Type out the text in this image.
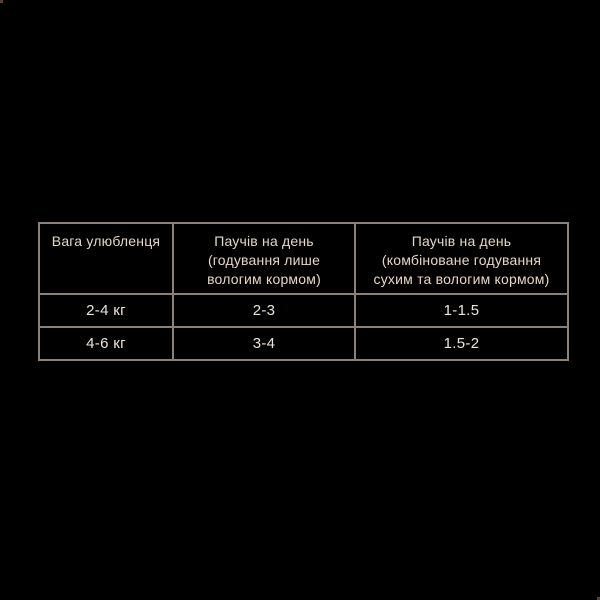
Вага улюбленця	Паучів на день (годування лише вологим кормом)	Паучів на день (комбіноване годування сухим та вологим кормом)
2-4 кг	2-3	1-1.5
4-6 кг	3-4	1.5-2
